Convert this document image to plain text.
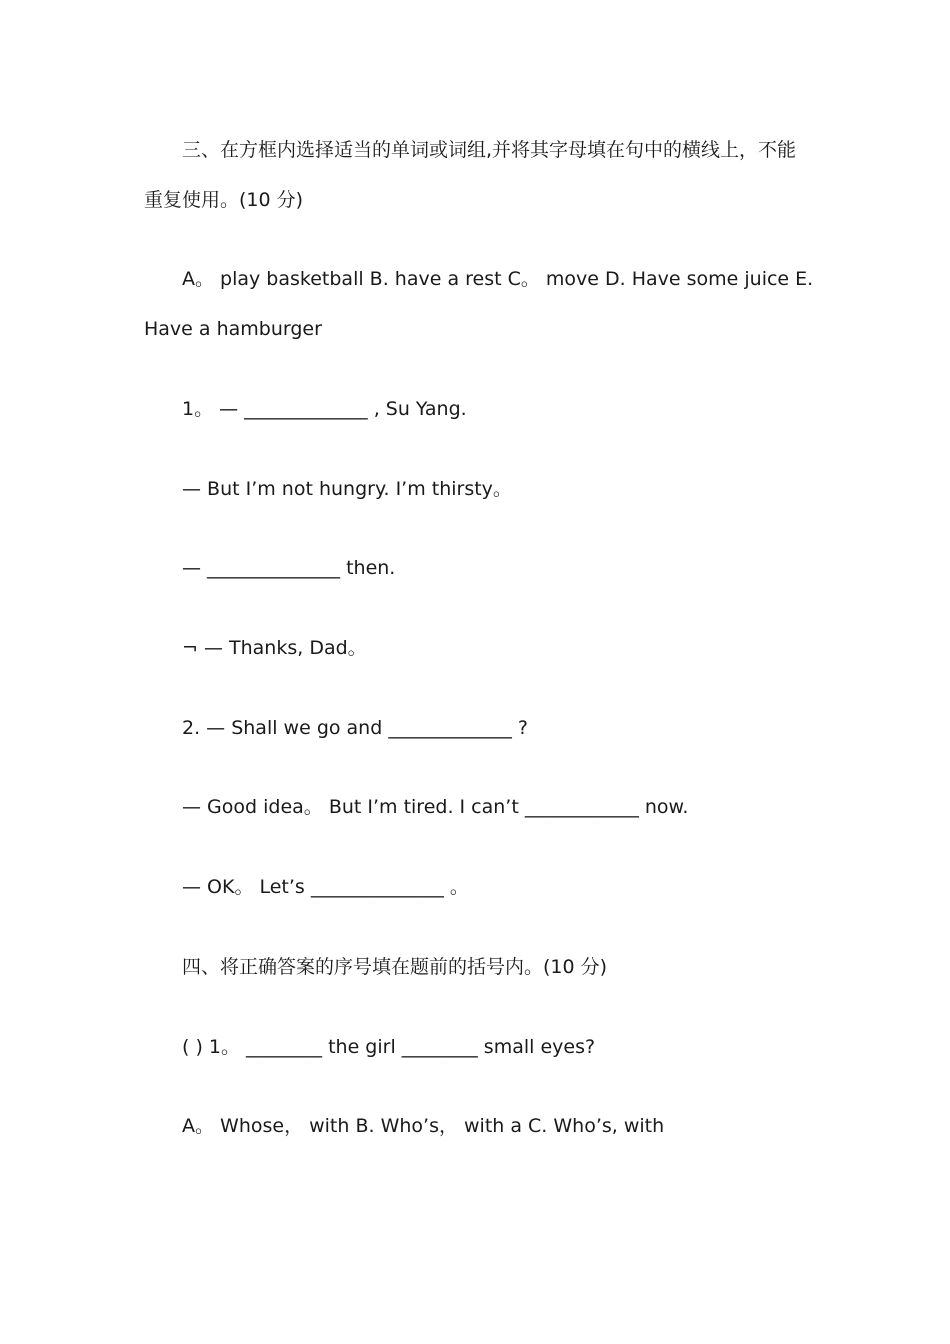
三、在方框内选择适当的单词或词组,并将其字母填在句中的横线上，不能
重复使用。(10 分)
A。 play basketball B. have a rest C。 move D. Have some juice E.
Have a hamburger
1。 — _____________ , Su Yang.
— But I’m not hungry. I’m thirsty。
— ______________ then.
¬ — Thanks, Dad。
2. — Shall we go and _____________ ?
— Good idea。 But I’m tired. I can’t ____________ now.
— OK。 Let’s ______________ 。
四、将正确答案的序号填在题前的括号内。(10 分)
( ) 1。 ________ the girl ________ small eyes?
A。 Whose， with B. Who’s， with a C. Who’s, with
